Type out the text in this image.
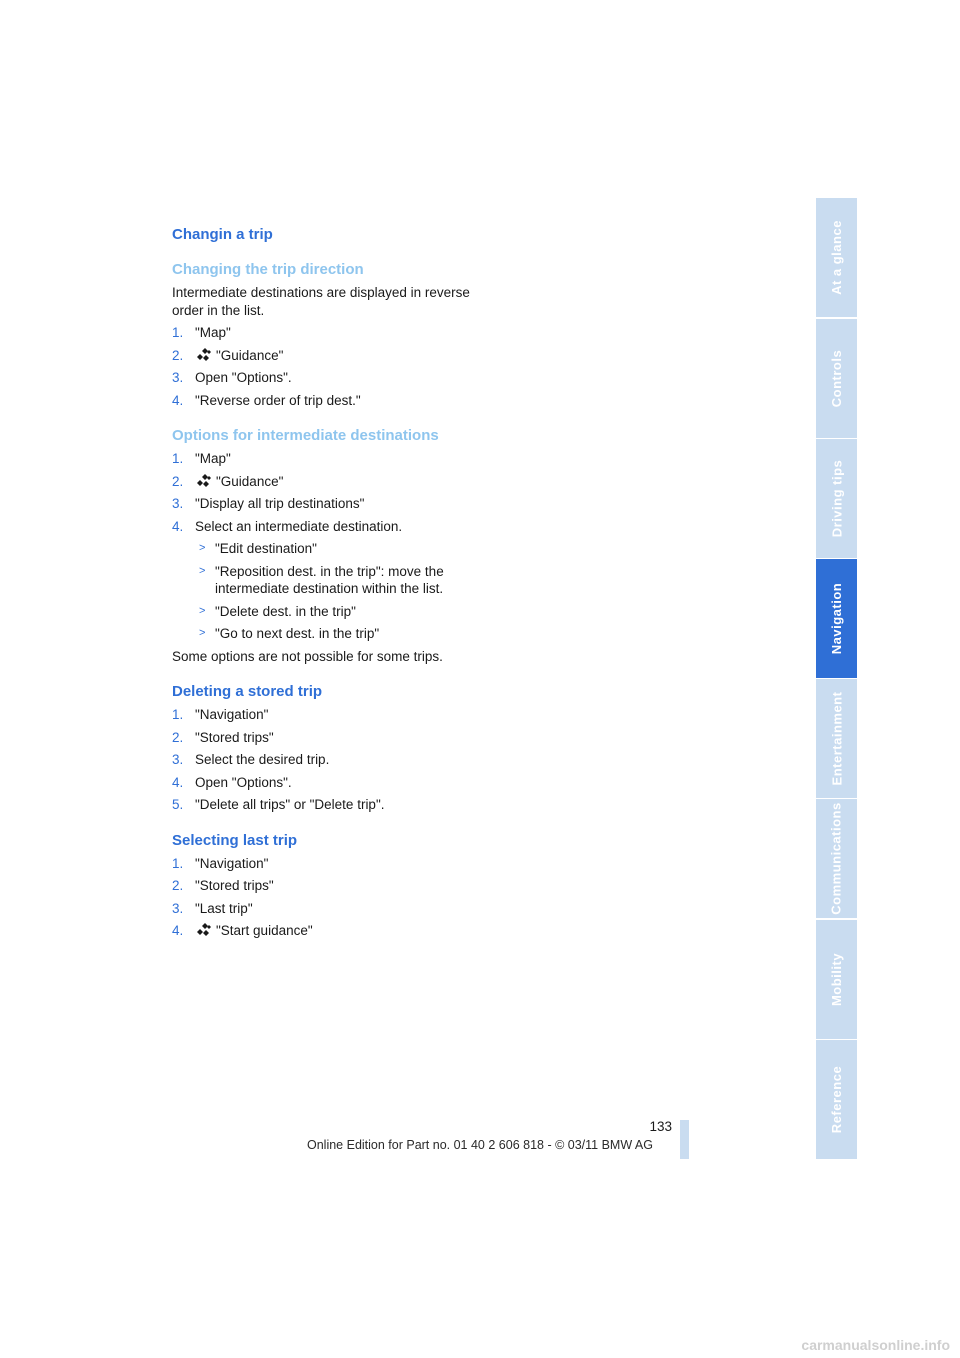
Changin a trip
Changing the trip direction

Intermediate destinations are displayed in reverse order in the list.

1. "Map"
2. "Guidance"
3. Open "Options".
4. "Reverse order of trip dest."
Options for intermediate destinations
1. "Map"
2. "Guidance"
3. "Display all trip destinations"
4. Select an intermediate destination.
> "Edit destination"
> "Reposition dest. in the trip": move the intermediate destination within the list.
> "Delete dest. in the trip"
> "Go to next dest. in the trip"

Some options are not possible for some trips.

Deleting a stored trip
1. "Navigation"
2. "Stored trips"
3. Select the desired trip.
4. Open "Options".
5. "Delete all trips" or "Delete trip".
Selecting last trip
1. "Navigation"
2. "Stored trips"
3. "Last trip"
4. "Start guidance"
At a glance
Controls
Driving tips
Navigation
Entertainment
Communications
Mobility
Reference
133
Online Edition for Part no. 01 40 2 606 818 - © 03/11 BMW AG
carmanualsonline.info
